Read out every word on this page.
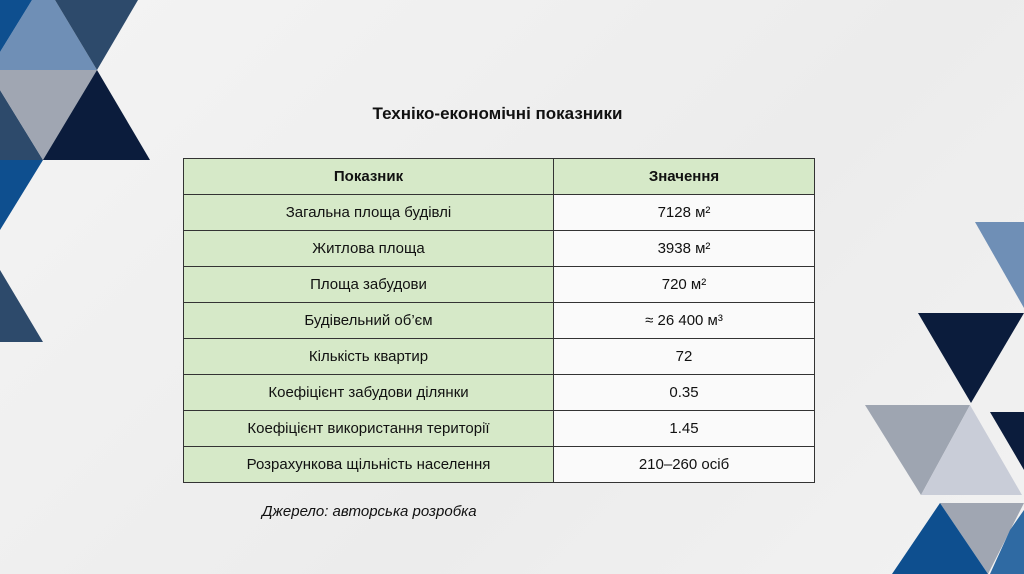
Техніко-економічні показники
Показник	Значення
Загальна площа будівлі	7128 м²
Житлова площа	3938 м²
Площа забудови	720 м²
Будівельний об’єм	≈ 26 400 м³
Кількість квартир	72
Коефіцієнт забудови ділянки	0.35
Коефіцієнт використання території	1.45
Розрахункова щільність населення	210–260 осіб
Джерело: авторська розробка
